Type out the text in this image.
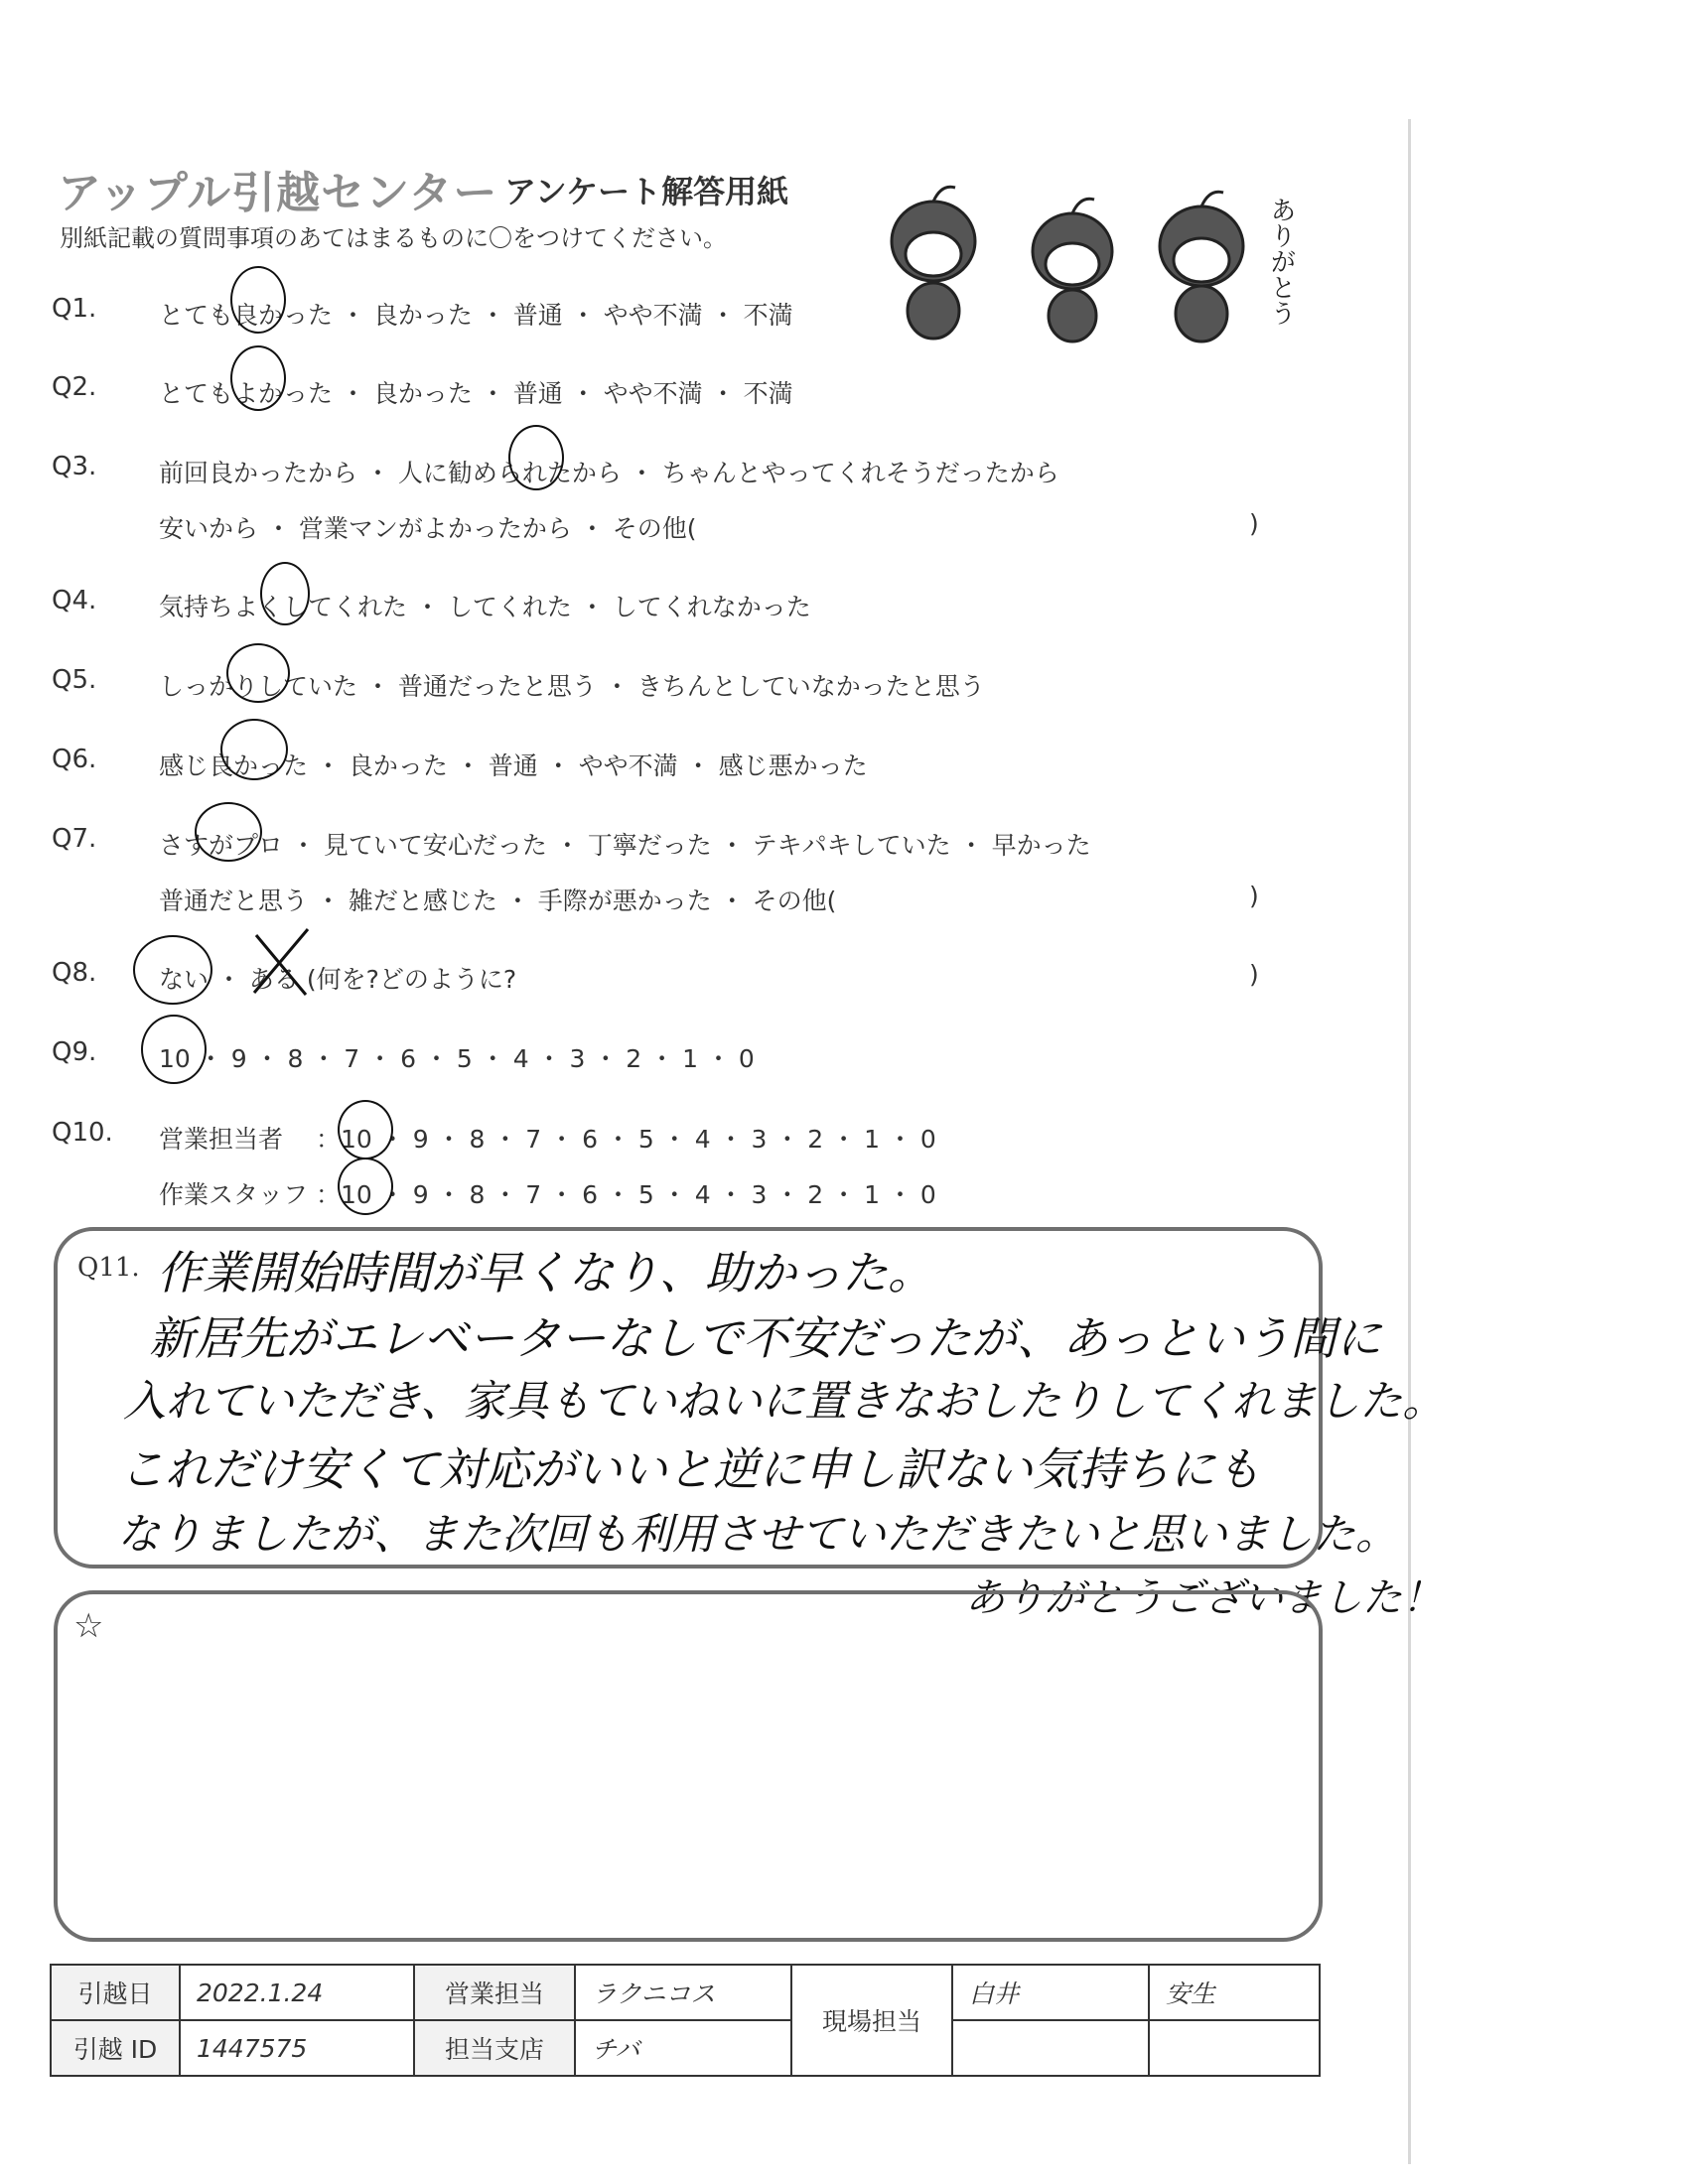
アップル引越センター アンケート解答用紙
別紙記載の質問事項のあてはまるものに〇をつけてください。	ありがとう
Q1.	とても良かった ・ 良かった ・ 普通 ・ やや不満 ・ 不満
Q2.	とてもよかった ・ 良かった ・ 普通 ・ やや不満 ・ 不満
Q3.	前回良かったから ・ 人に勧められたから ・ ちゃんとやってくれそうだったから
安いから ・ 営業マンがよかったから ・ その他(	)
Q4.	気持ちよくしてくれた ・ してくれた ・ してくれなかった
Q5.	しっかりしていた ・ 普通だったと思う ・ きちんとしていなかったと思う
Q6.	感じ良かった ・ 良かった ・ 普通 ・ やや不満 ・ 感じ悪かった
Q7.	さすがプロ ・ 見ていて安心だった ・ 丁寧だった ・ テキパキしていた ・ 早かった
普通だと思う ・ 雑だと感じた ・ 手際が悪かった ・ その他(	)
Q8.	ない ・ ある (何を?どのように?	)
Q9.	10 ・ 9 ・ 8 ・ 7 ・ 6 ・ 5 ・ 4 ・ 3 ・ 2 ・ 1 ・ 0
Q10. 営業担当者 ：10 ・ 9 ・ 8 ・ 7 ・ 6 ・ 5 ・ 4 ・ 3 ・ 2 ・ 1 ・ 0
作業スタッフ ：10 ・ 9 ・ 8 ・ 7 ・ 6 ・ 5 ・ 4 ・ 3 ・ 2 ・ 1 ・ 0
Q11. 作業開始時間が早くなり、助かった。
新居先がエレベーターなしで不安だったが、あっという間に
入れていただき、家具もていねいに置きなおしたりしてくれました。
これだけ安くて対応がいいと逆に申し訳ない気持ちにも
なりましたが、また次回も利用させていただきたいと思いました。
ありがとうございました！
☆
引越日	2022.1.24	営業担当	ラクニコス	現場担当	白井	安生
引越 ID	1447575	担当支店	チバ			
